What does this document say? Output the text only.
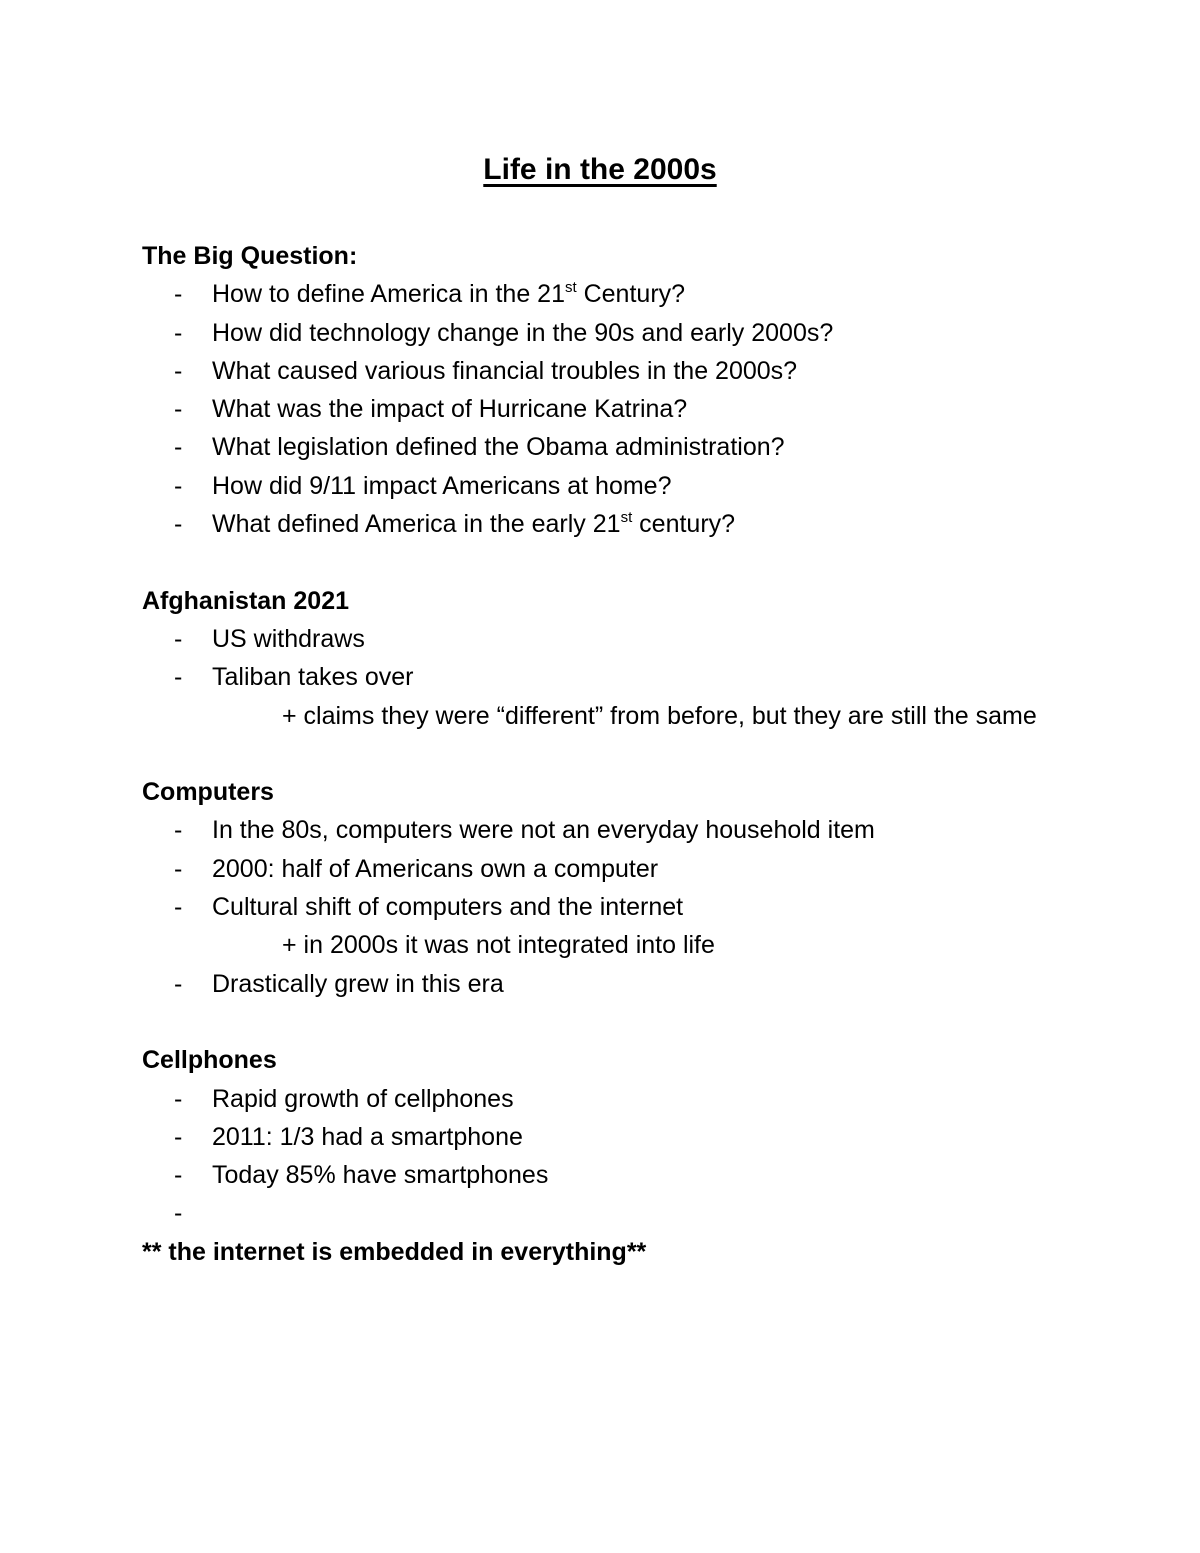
Life in the 2000s
The Big Question:
- How to define America in the 21st Century?
- How did technology change in the 90s and early 2000s?
- What caused various financial troubles in the 2000s?
- What was the impact of Hurricane Katrina?
- What legislation defined the Obama administration?
- How did 9/11 impact Americans at home?
- What defined America in the early 21st century?
Afghanistan 2021
- US withdraws
- Taliban takes over
+ claims they were “different” from before, but they are still the same
Computers
- In the 80s, computers were not an everyday household item
- 2000: half of Americans own a computer
- Cultural shift of computers and the internet
+ in 2000s it was not integrated into life
- Drastically grew in this era
Cellphones
- Rapid growth of cellphones
- 2011: 1/3 had a smartphone
- Today 85% have smartphones
-
** the internet is embedded in everything**
